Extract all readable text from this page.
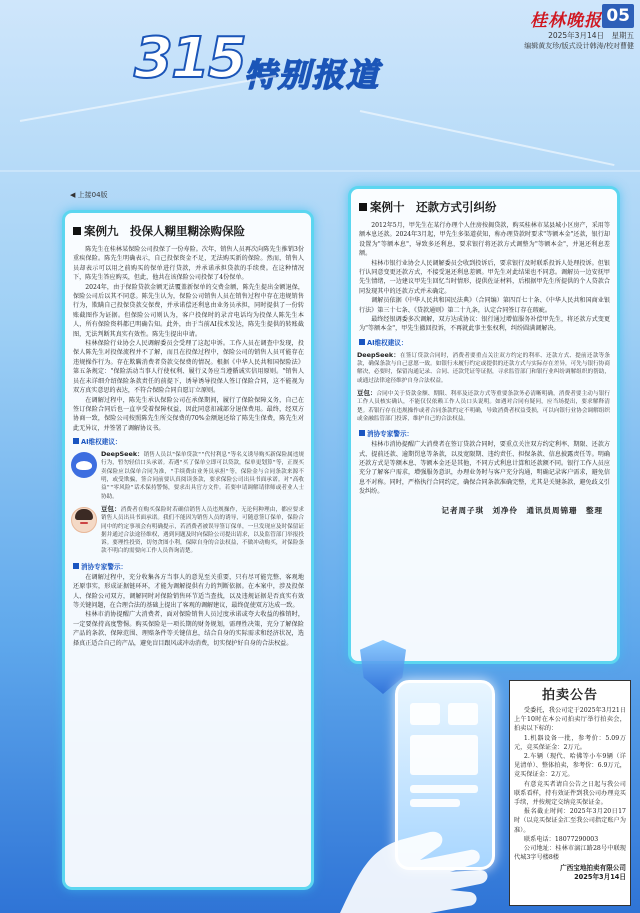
桂林晚报 05
2025年3月14日　星期五
编辑黄友珍/版式设计韩涛/校对曹健
315 特别报道
◀ 上接04版
案例九　 投保人糊里糊涂购保险

陈先生在桂林某保险公司投保了一份寿险。次年，销售人员再次向陈先生推销3份重疾保险。陈先生明确表示，自己投保资金不足，无法购买新的保险。然而，销售人员却表示可以用之前购买的保单进行贷款，并承诺承担贷款的手续费。在这种情况下，陈先生答应购买，但此，他共在该保险公司投保了4份保单。

2024年，由于保险贷款金额无法覆盖新保单的交费金额，陈先生提出金额退保，保险公司后以其不同意。陈先生认为，保险公司销售人员在销售过程中存在违规销售行为，欺瞒自己投保贷款交保费，并承诺偿还利息由业务员承担，同时提供了一份转账截图作为证据。但保险公司则认为，客户投保时的录音电话均为投保人陈先生本人，所有保险资料都已明确告知。此外，由于当前AI技术发达，陈先生提供的转账截图，无法判断其真实有效性。陈先生提出申请。

桂林保险行业协会人民调解委员会受理了这起申诉。工作人员在调查中发现，投保人陈先生对投保流程并不了解，而且在投保过程中，保险公司的销售人员可能存在违规操作行为。存在欺瞒消费者贷款交保费的情况。根据《中华人民共和国保险法》第五条规定："保险活动当事人行使权利、履行义务应当遵循诚实信用原则。"销售人员在未详细介绍保险条款责任的前提下，诱导诱导投保人签订保险合同，这不能视为双方真实意思的表达，不符合保险合同自愿订立原则。

在调解过程中，陈先生承认保险公司在承保期间，履行了保险保障义务，自己在签订保险合同后也一直享受着保障权益，因此同意扣减部分退保费用。最终，经双方协商一致，保险公司按照陈先生所交保费的70%金额退还给了陈先生保费，陈先生对此无异议，并签署了调解协议书。

AI维权建议：
DeepSeek：销售人员以"保单贷款""代付利息"等名义诱导购买新保险属违规行为，暂勿轻信口头承诺。若遇"买了保单立即可以贷款，保单更划算"等，正规买卖保险应以保单合同为准，"手续费由业务员承担"等，保险金与合同条款来源不明，或受欺骗，签合同前要认真阅读条款，要求保险公司出具书面承诺。对"高收益""零风险"话术保持警惕，要求出具官方文件。若要申请调解请律师或者业人士协助。
豆包：消费者在购买保险时若确信销售人员违规操作，无论何种理由，都应要求销售人员出具书面承诺。我们不能因为销售人员的诱导，可随意签订保单，保险合同中的约定事项会有明确提示，若消费者被误导签订保单，一旦发现应及时保留证据并通过合法途径维权，遇到问题及时向保险公司提出请求，以及监管部门举报投诉。要理性投资，切勿贪图小利，保障自身的合法权益，不做冲动购买，对保险条款不明白的需要向工作人员咨询清楚。
消协专家警示：

在调解过程中，充分收集各方当事人的意见至关重要，只有尽可能完整、客观地还原事实，形成证据链环环，才能为调解提供有力的判断依据。在本案中，涉及投保人、保险公司双方，调解同时对保险销售环节适当查找，以及违规证据是否真实有效等关键问题，在合理合法的基础上提出了客观的调解建议，最终促使双方达成一致。

桂林市消协提醒广大消费者，面对保险销售人员过度承诺或夸大收益的推销时，一定要保持高度警惕。购买保险是一项长期的财务规划，需理性决策，充分了解保险产品的条款、保障范围、理赔条件等关键信息，结合自身的实际需求和经济状况，选择真正适合自己的产品，避免盲目跟风或冲动消费，切实保护好自身的合法权益。

案例十　 还款方式引纠纷

2012年5月，甲先生在某行办理个人住房按揭贷款，购买桂林市某县城小区房产，采用等额本息还款。2024年3月起，甲先生多渠道获知，称办理贷款时要求"等额本金"还款，银行却设置为"等额本息"，导致多还利息，要求银行将还款方式调整为"等额本金"，并退还利息差额。

桂林市银行业协会人民调解委员会收到投诉后，要求银行及时联系投诉人处理投诉。但银行认同意变更还款方式，不接受退还利息差额。甲先生对此结果也不同意。调解员一边安抚甲先生情绪，一边建议甲先生回忆当时情形，提供佐证材料，后根据甲先生所提供的个人贷款合同发现其中的还款方式并未确定。

调解员依据《中华人民共和国民法典》（合同编）第四百七十条、《中华人民共和国商业银行法》第三十七条、《贷款通则》第二十九条，认定合同签订存在瑕疵。

最终经银调委多次调解，双方达成协议：银行通过增值服务补偿甲先生，将还款方式变更为"等额本金"，甲先生撤回投诉，不再就此事主张权利，纠纷圆满调解决。

AI维权建议：
DeepSeek：在签订贷款合同时，消费者要重点关注双方约定的利率、还款方式、提前还款等条款，确保条款与自己意愿一致。如银行未履行约定或提供的还款方式与实际存在差异，可先与银行协商解决，必要时，保留沟通记录、合同、还款凭证等证据，寻求监管部门和银行业纠纷调解组织的帮助，或通过法律途径维护自身合法权益。
豆包：合同中关于贷款金额、期限、利率及还款方式等重要条款务必清晰明确，消费者要主动与银行工作人员核实确认，不能仅仅依赖工作人员口头说明。如遇对合同有疑问，应当场提出，要求解释清楚。若银行存在违规操作或者合同条款约定不明确，导致消费者权益受损，可以向银行业协会调解组织或金融监管部门投诉，维护自己的合法权益。
消协专家警示：

桂林市消协提醒广大消费者在签订贷款合同时，要重点关注双方约定利率、期限、还款方式、提前还款、逾期罚息等条款，以及宽限期、违约责任、担保条款、信息披露责任等。明确还款方式是等额本息、等额本金还是其他，不同方式利息计算和还款额不同。银行工作人员应充分了解客户需求，增强服务意识，办理业务时与客户充分沟通，明确记录客户需求，避免信息不对称。同时，严格执行合同约定，确保合同条款准确完整，尤其是关键条款，避免歧义引发纠纷。

记者周子琪　刘净伶　通讯员周锦珊　整理
拍卖公告

受委托，我公司定于2025年3月21日上午10时在本公司拍卖厅举行拍卖会，拍卖以下标的：

1.机器设备一批，参考价：5.09万元，竞买保证金：2万元。

2.车辆（现代、哈佛等小车9辆（详见清单）、整体拍卖，参考价：6.9万元，竞买保证金：2万元。

有意竞买者请自公告之日起与我公司联系看样，持有效证件到我公司办理竞买手续，并按规定交纳竞买保证金。

报名截止时间：2025年3月20日17时（以竞买保证金汇至我公司指定账户为准）。

联系电话：18077290003

公司地址：桂林市漓江路28号中联现代城3字号楼8楼

广西宝地拍卖有限公司
2025年3月14日
